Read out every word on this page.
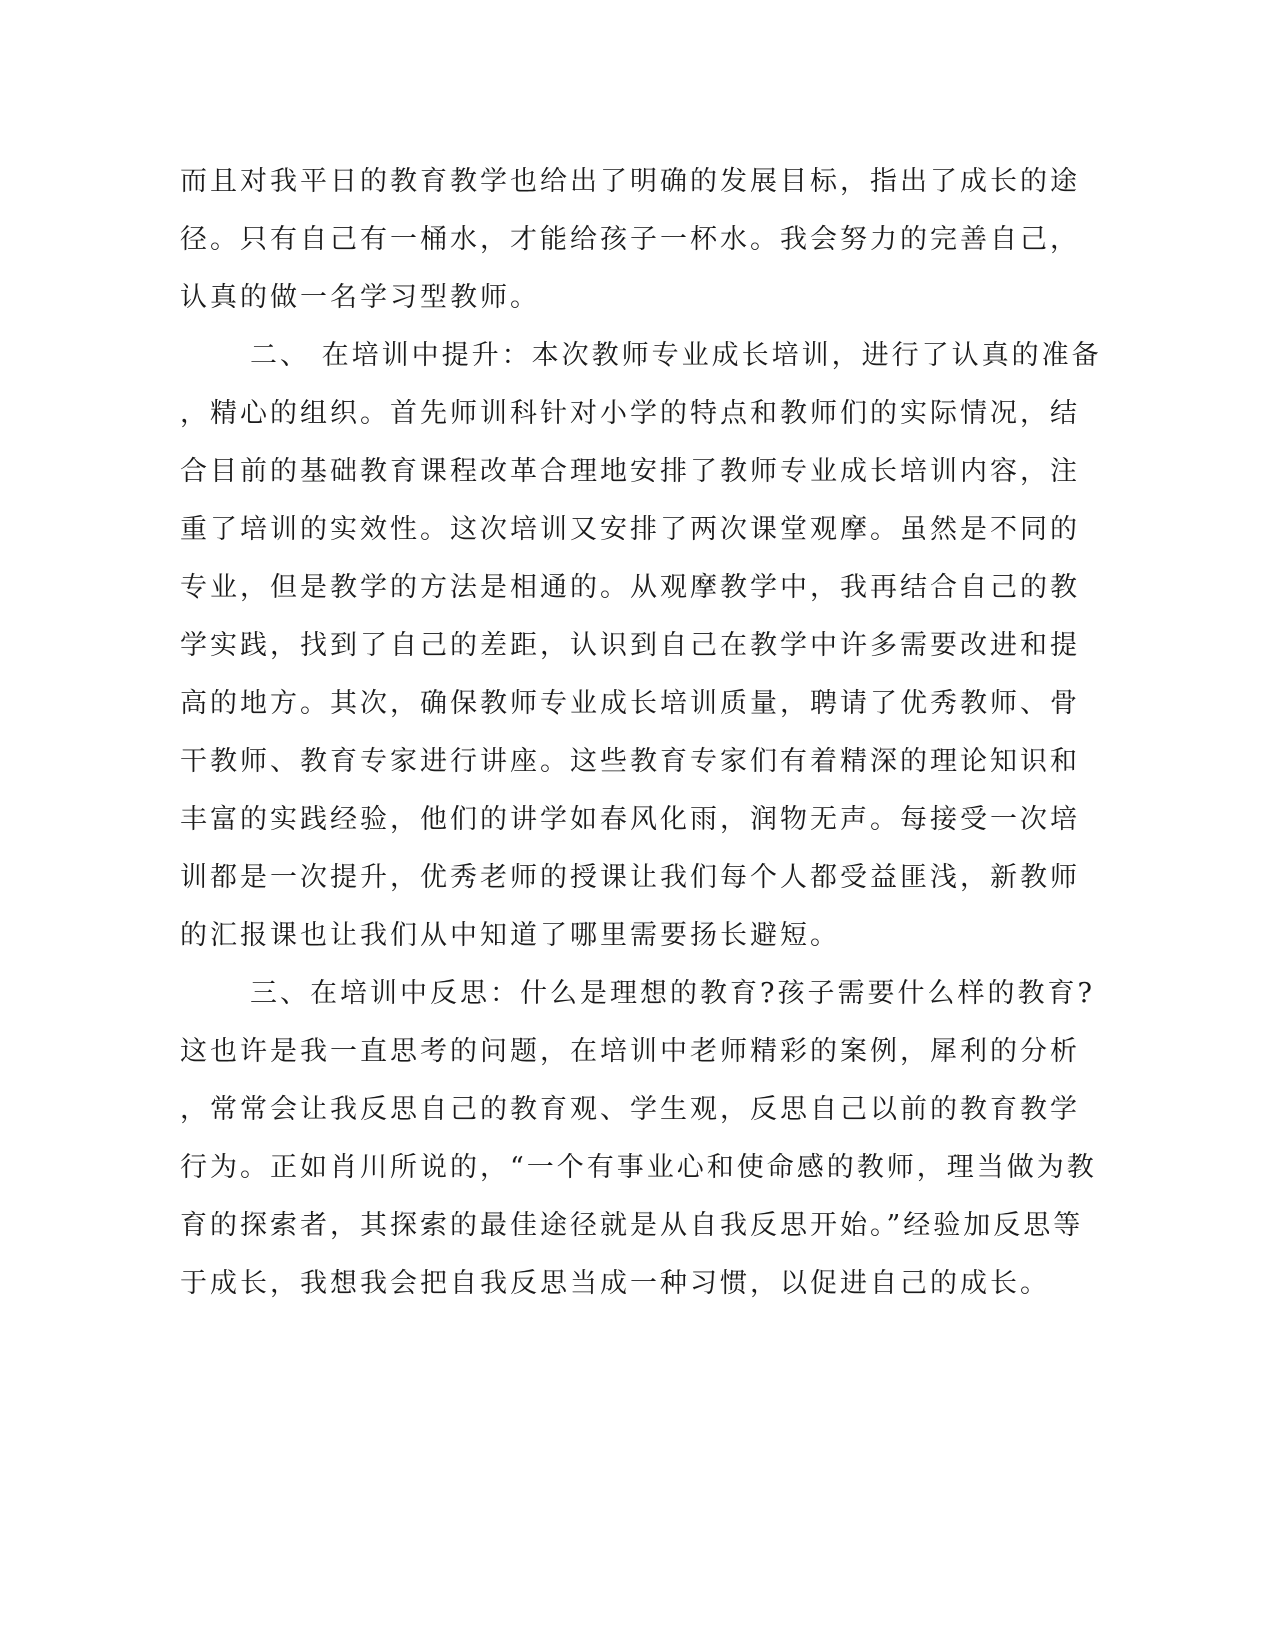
而且对我平日的教育教学也给出了明确的发展目标，指出了成长的途

径。只有自己有一桶水，才能给孩子一杯水。我会努力的完善自己，

认真的做一名学习型教师。

二、 在培训中提升：本次教师专业成长培训，进行了认真的准备

，精心的组织。首先师训科针对小学的特点和教师们的实际情况，结

合目前的基础教育课程改革合理地安排了教师专业成长培训内容，注

重了培训的实效性。这次培训又安排了两次课堂观摩。虽然是不同的

专业，但是教学的方法是相通的。从观摩教学中，我再结合自己的教

学实践，找到了自己的差距，认识到自己在教学中许多需要改进和提

高的地方。其次，确保教师专业成长培训质量，聘请了优秀教师、骨

干教师、教育专家进行讲座。这些教育专家们有着精深的理论知识和

丰富的实践经验，他们的讲学如春风化雨，润物无声。每接受一次培

训都是一次提升，优秀老师的授课让我们每个人都受益匪浅，新教师

的汇报课也让我们从中知道了哪里需要扬长避短。

三、在培训中反思：什么是理想的教育?孩子需要什么样的教育?

这也许是我一直思考的问题，在培训中老师精彩的案例，犀利的分析

，常常会让我反思自己的教育观、学生观，反思自己以前的教育教学

行为。正如肖川所说的，“一个有事业心和使命感的教师，理当做为教

育的探索者，其探索的最佳途径就是从自我反思开始。”经验加反思等

于成长，我想我会把自我反思当成一种习惯，以促进自己的成长。
